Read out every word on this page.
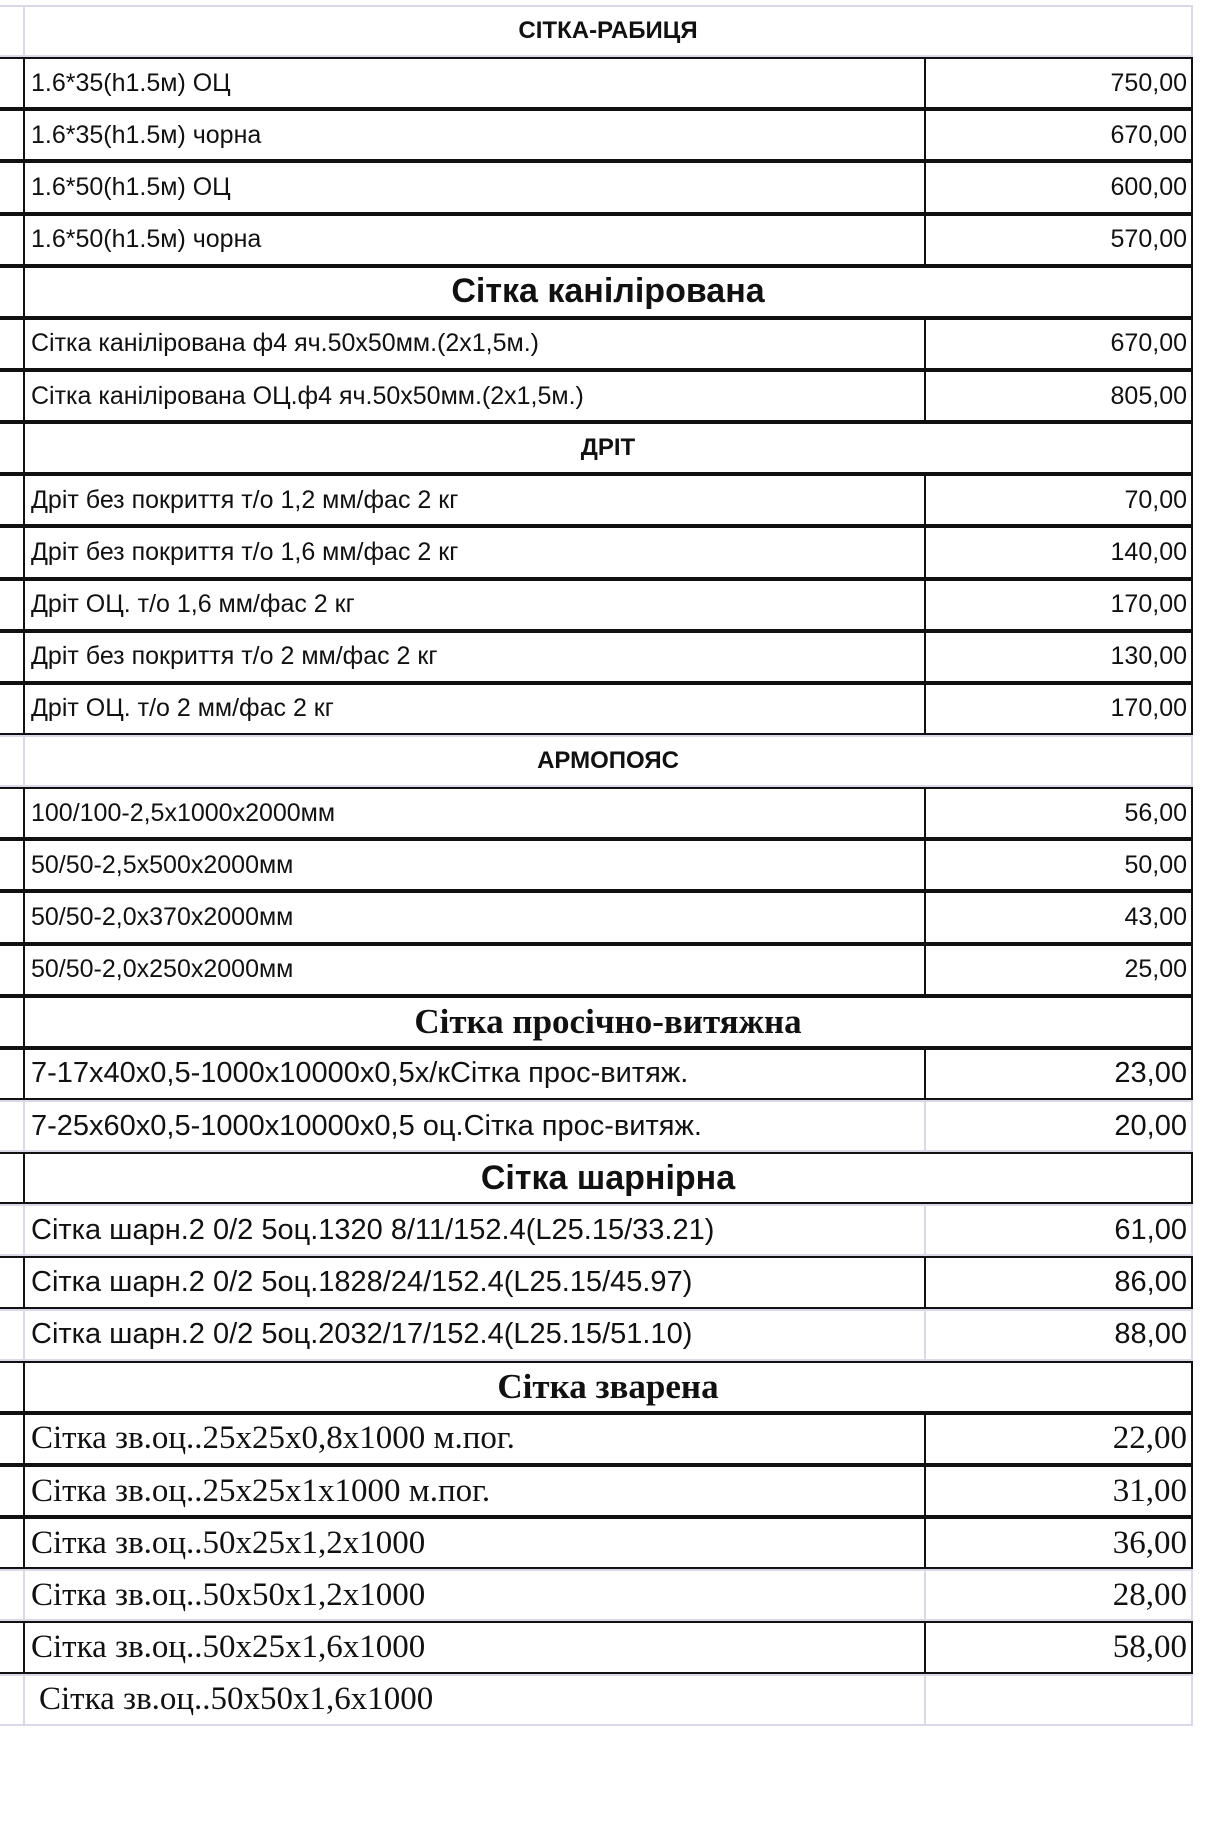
СІТКА-РАБИЦЯ
1.6*35(h1.5м) ОЦ	750,00
1.6*35(h1.5м) чорна	670,00
1.6*50(h1.5м) ОЦ	600,00
1.6*50(h1.5м) чорна	570,00
Сітка канілірована
Сітка канілірована ф4 яч.50х50мм.(2х1,5м.)	670,00
Сітка канілірована ОЦ.ф4 яч.50х50мм.(2х1,5м.)	805,00
ДРІТ
Дріт без покриття т/о 1,2 мм/фас 2 кг	70,00
Дріт без покриття т/о 1,6 мм/фас 2 кг	140,00
Дріт ОЦ. т/о 1,6 мм/фас 2 кг	170,00
Дріт без покриття т/о 2 мм/фас 2 кг	130,00
Дріт ОЦ. т/о 2 мм/фас 2 кг	170,00
АРМОПОЯС
100/100-2,5х1000х2000мм	56,00
50/50-2,5х500х2000мм	50,00
50/50-2,0х370х2000мм	43,00
50/50-2,0х250х2000мм	25,00
Сітка просічно-витяжна
7-17х40х0,5-1000х10000х0,5х/кСітка прос-витяж.	23,00
7-25х60х0,5-1000х10000х0,5 оц.Сітка прос-витяж.	20,00
Сітка шарнірна
Сітка шарн.2 0/2 5оц.1320 8/11/152.4(L25.15/33.21)	61,00
Сітка шарн.2 0/2 5оц.1828/24/152.4(L25.15/45.97)	86,00
Сітка шарн.2 0/2 5оц.2032/17/152.4(L25.15/51.10)	88,00
Сітка зварена
Сітка зв.оц..25х25х0,8х1000 м.пог.	22,00
Сітка зв.оц..25х25х1х1000 м.пог.	31,00
Сітка зв.оц..50х25х1,2х1000	36,00
Сітка зв.оц..50х50х1,2х1000	28,00
Сітка зв.оц..50х25х1,6х1000	58,00
Сітка зв.оц..50х50х1,6х1000
